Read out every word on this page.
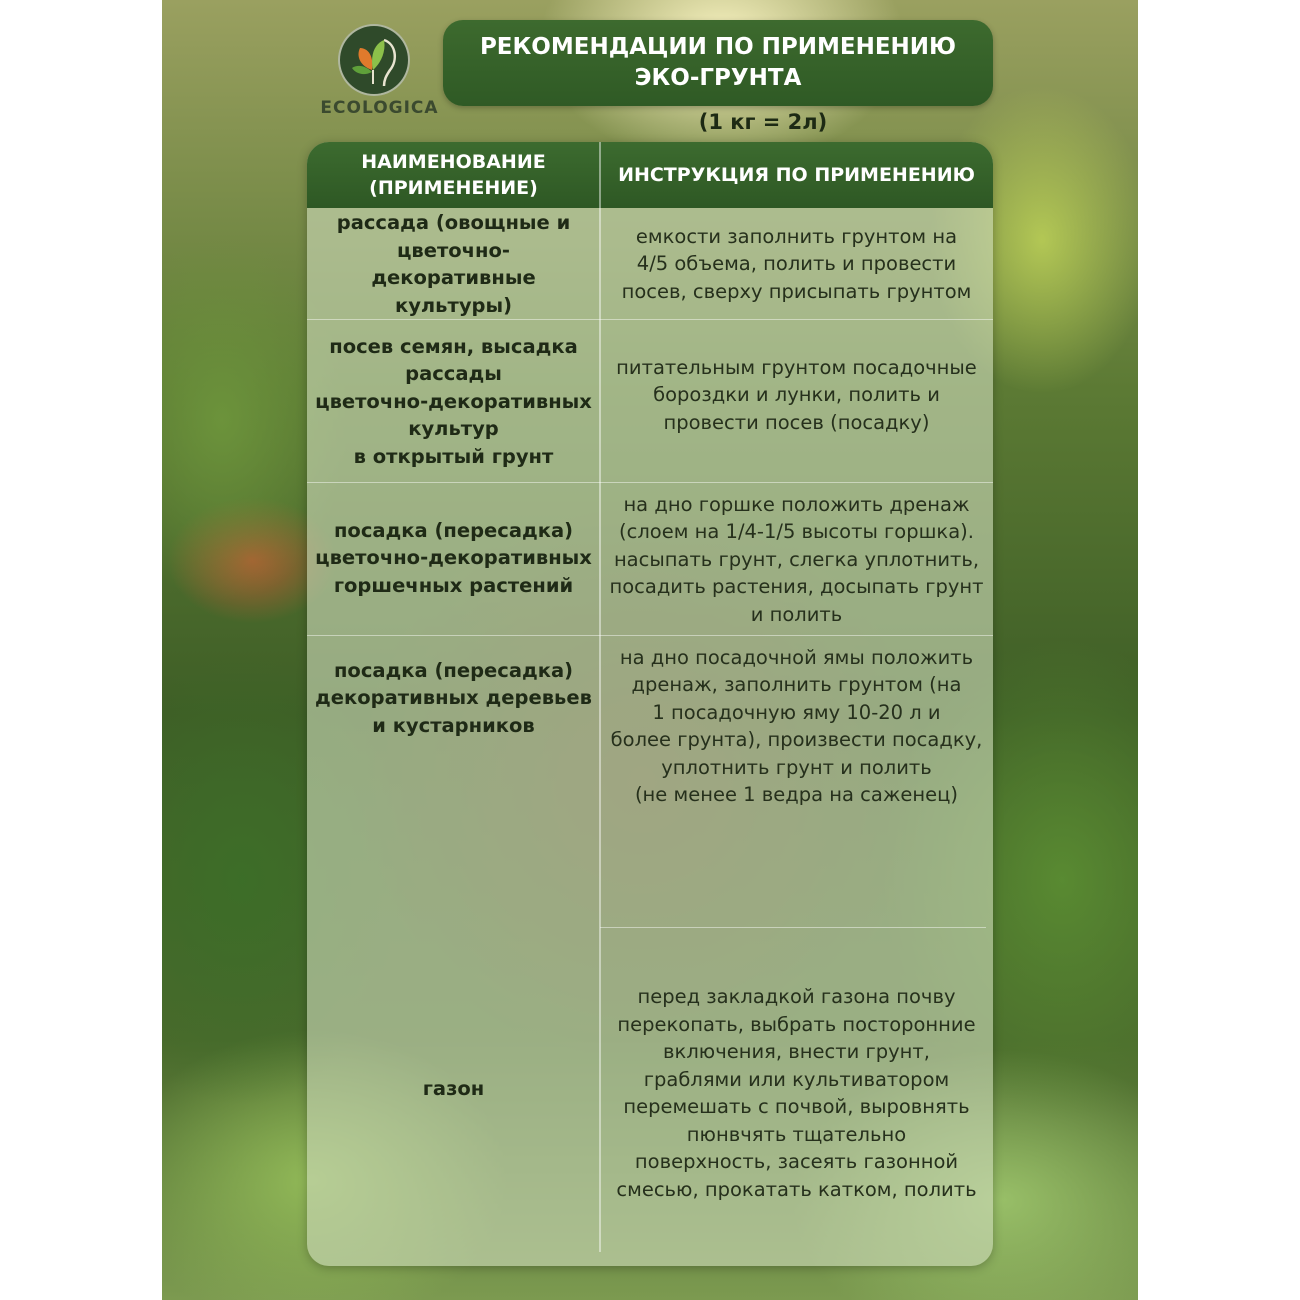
ECOLOGICA
РЕКОМЕНДАЦИИ ПО ПРИМЕНЕНИЮ
ЭКО-ГРУНТА
(1 кг = 2л)
НАИМЕНОВАНИЕ
(ПРИМЕНЕНИЕ)
ИНСТРУКЦИЯ ПО ПРИМЕНЕНИЮ
рассада (овощные и
цветочно-декоративные
культуры)
емкости заполнить грунтом на
4/5 объема, полить и провести
посев, сверху присыпать грунтом
посев семян, высадка
рассады
цветочно-декоративных
культур
в открытый грунт
питательным грунтом посадочные
бороздки и лунки, полить и
провести посев (посадку)
посадка (пересадка)
цветочно-декоративных
горшечных растений
на дно горшке положить дренаж
(слоем на 1/4-1/5 высоты горшка).
насыпать грунт, слегка уплотнить,
посадить растения, досыпать грунт
и полить
посадка (пересадка)
декоративных деревьев
и кустарников
на дно посадочной ямы положить
дренаж, заполнить грунтом (на
1 посадочную яму 10-20 л и
более грунта), произвести посадку,
уплотнить грунт и полить
(не менее 1 ведра на саженец)
газон
перед закладкой газона почву
перекопать, выбрать посторонние
включения, внести грунт,
граблями или культиватором
перемешать с почвой, выровнять
пюнвчять тщательно
поверхность, засеять газонной
смесью, прокатать катком, полить
